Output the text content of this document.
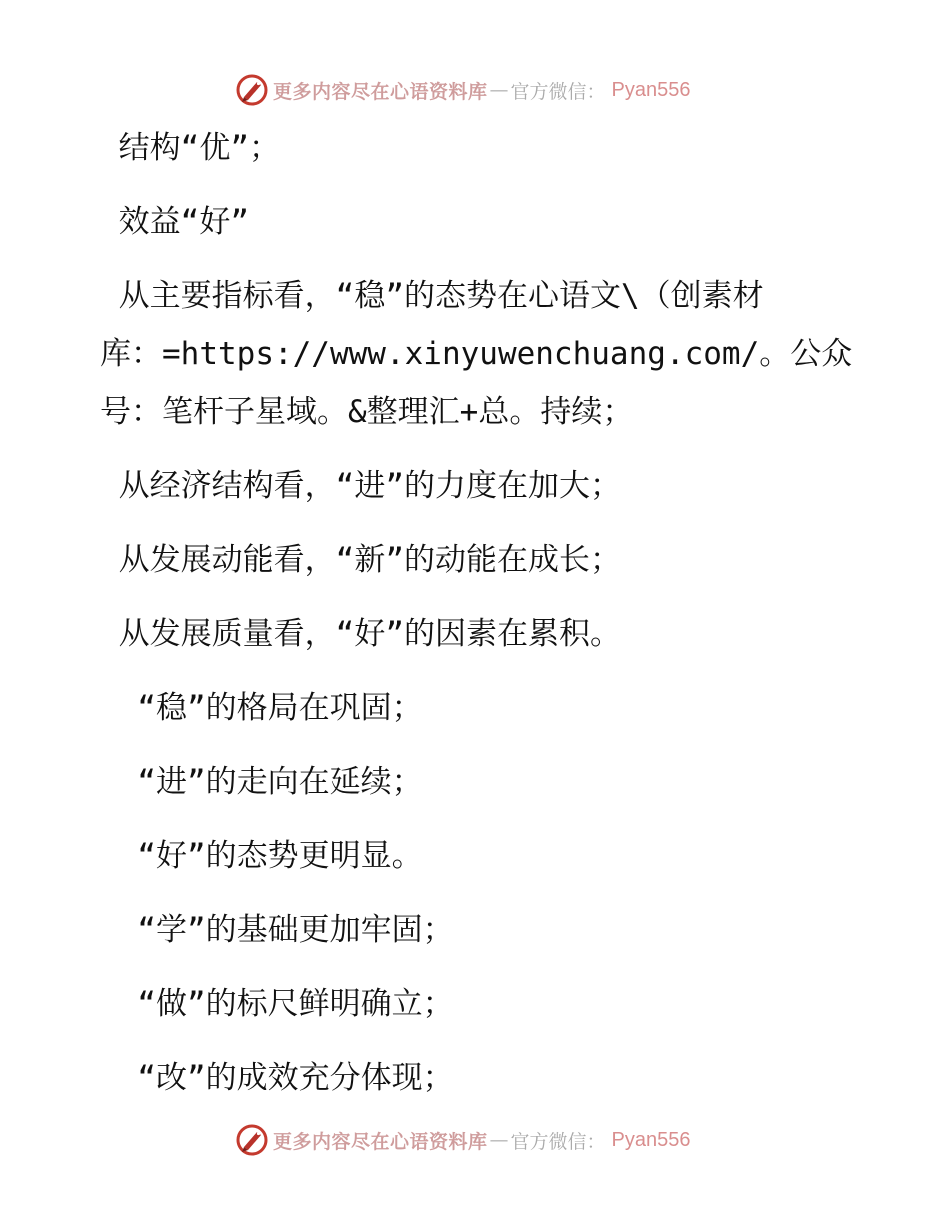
更多内容尽在心语资料库 — 官方微信： Pyan556
结构“优”；
效益“好”
从主要指标看，“稳”的态势在心语文\（创素材
库：=https://www.xinyuwenchuang.com/。公众
号：笔杆子星域。&整理汇+总。持续；
从经济结构看，“进”的力度在加大；
从发展动能看，“新”的动能在成长；
从发展质量看，“好”的因素在累积。
“稳”的格局在巩固；
“进”的走向在延续；
“好”的态势更明显。
“学”的基础更加牢固；
“做”的标尺鲜明确立；
“改”的成效充分体现；
更多内容尽在心语资料库 — 官方微信： Pyan556
